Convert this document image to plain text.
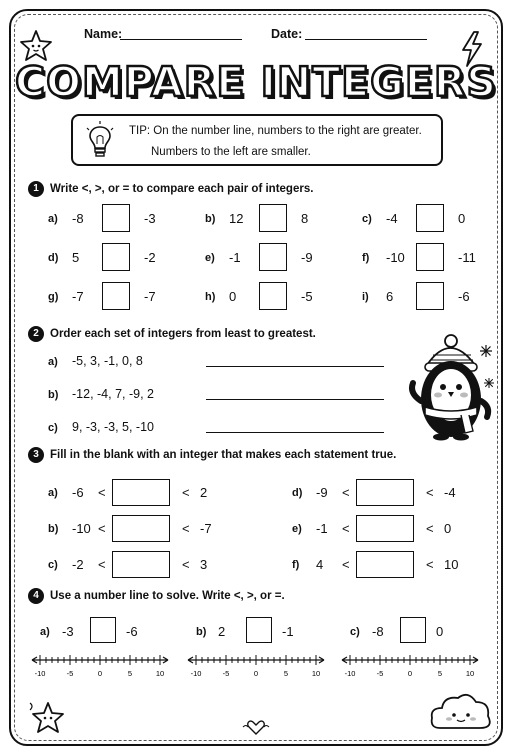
Name:	Date:
COMPARE INTEGERS
TIP: On the number line, numbers to the right are greater.
Numbers to the left are smaller.
1 Write <, >, or = to compare each pair of integers.
a) -8	-3	b) 12	8	c) -4	0
d) 5	-2	e) -1	-9	f) -10	-11
g) -7	-7	h) 0	-5	i) 6	-6
2 Order each set of integers from least to greatest.
a) -5, 3, -1, 0, 8
b) -12, -4, 7, -9, 2
c) 9, -3, -3, 5, -10
3 Fill in the blank with an integer that makes each statement true.
a) -6 <	< 2
b) -10 <	< -7
c) -2 <	< 3
d) -9 <	< -4
e) -1 <	< 0
f) 4 <	< 10
4 Use a number line to solve. Write <, >, or =.
a) -3	-6
-10	-5	0	5	10
b) 2	-1
-10	-5	0	5	10
c) -8	0
-10	-5	0	5	10
